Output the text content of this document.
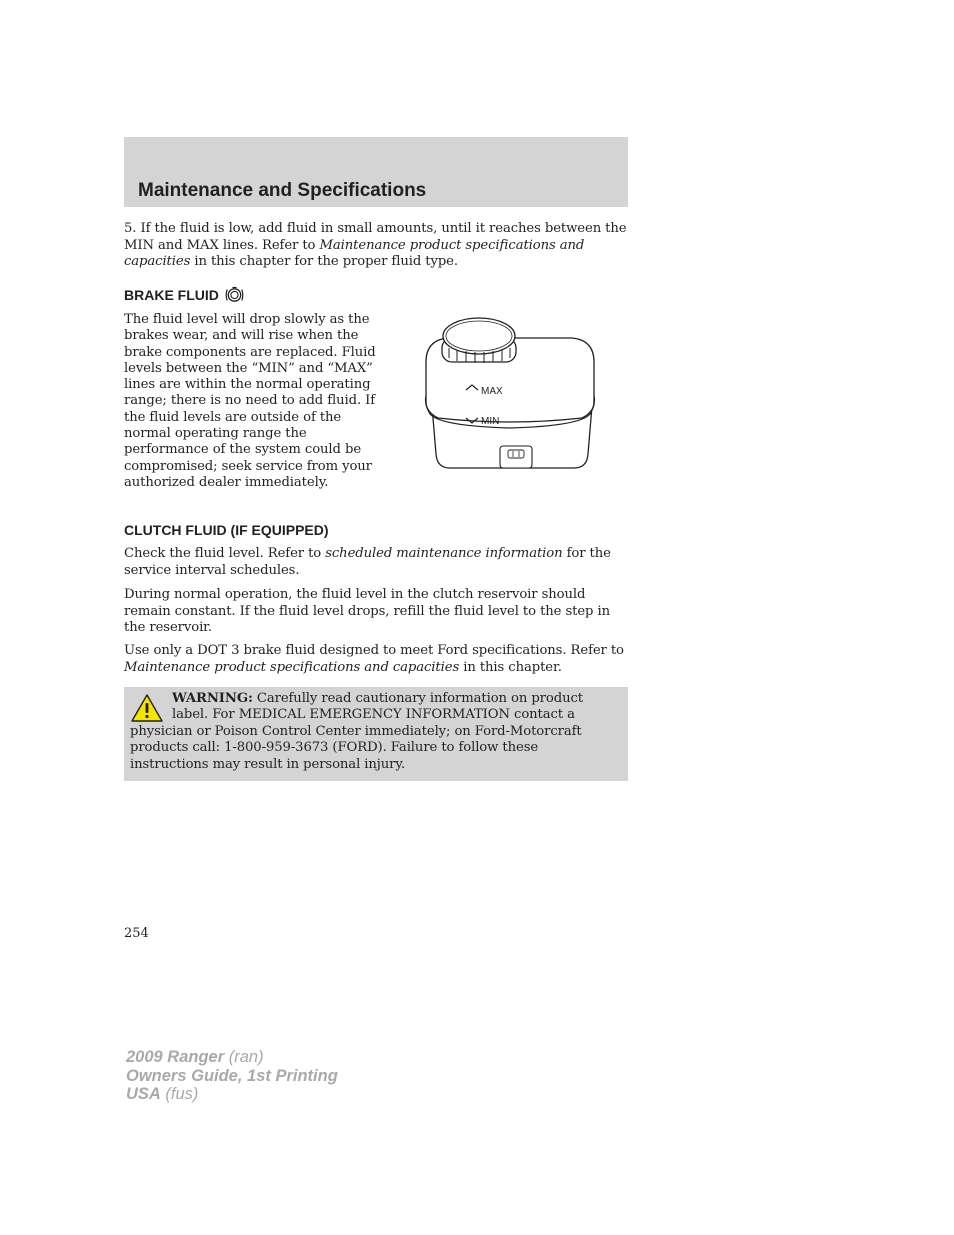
Maintenance and Specifications

5. If the fluid is low, add fluid in small amounts, until it reaches between the MIN and MAX lines. Refer to Maintenance product specifications and capacities in this chapter for the proper fluid type.

BRAKE FLUID

The fluid level will drop slowly as the brakes wear, and will rise when the brake components are replaced. Fluid levels between the “MIN” and “MAX” lines are within the normal operating range; there is no need to add fluid. If the fluid levels are outside of the normal operating range the performance of the system could be compromised; seek service from your authorized dealer immediately.

MAX
MIN
CLUTCH FLUID (IF EQUIPPED)

Check the fluid level. Refer to scheduled maintenance information for the service interval schedules.

During normal operation, the fluid level in the clutch reservoir should remain constant. If the fluid level drops, refill the fluid level to the step in the reservoir.

Use only a DOT 3 brake fluid designed to meet Ford specifications. Refer to Maintenance product specifications and capacities in this chapter.

WARNING: Carefully read cautionary information on product label. For MEDICAL EMERGENCY INFORMATION contact a physician or Poison Control Center immediately; on Ford-Motorcraft products call: 1-800-959-3673 (FORD). Failure to follow these instructions may result in personal injury.

254

2009 Ranger (ran)
Owners Guide, 1st Printing
USA (fus)
